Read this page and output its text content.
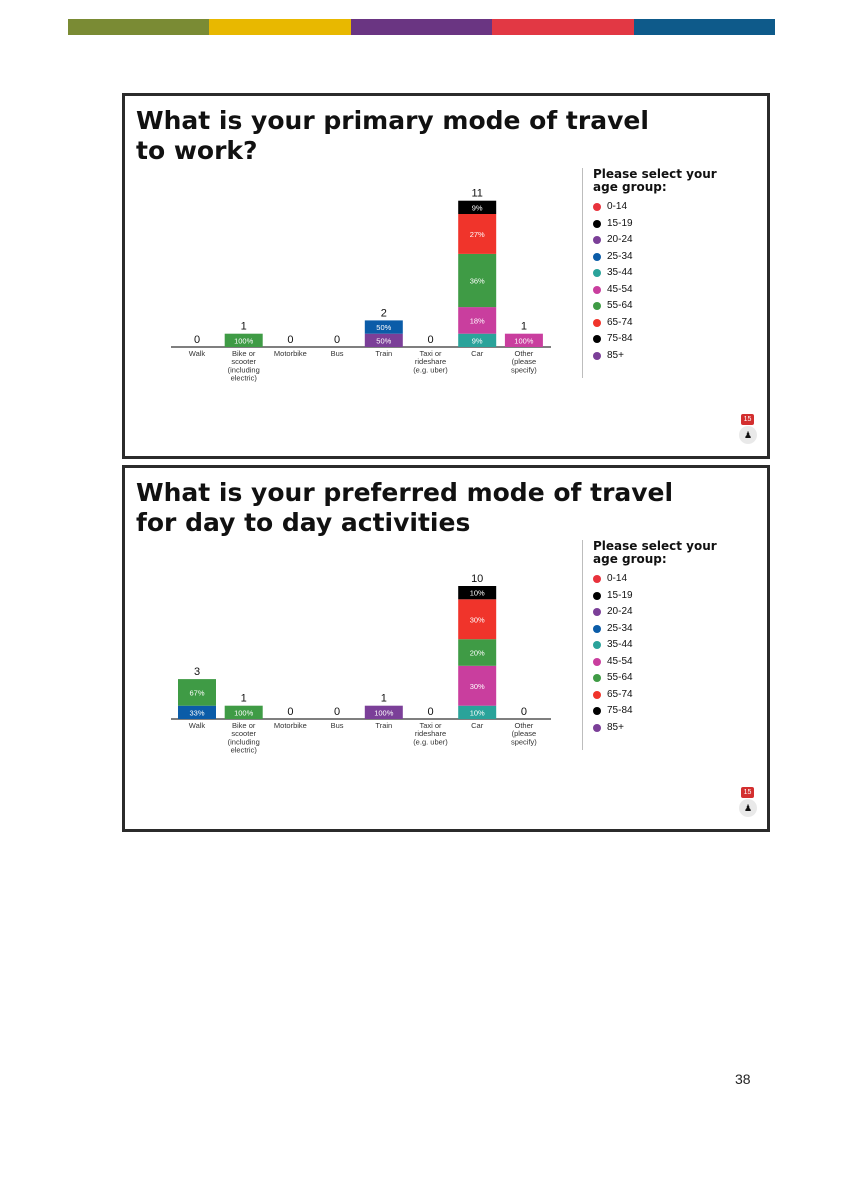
What is your primary mode of travel to work?
0
Walk
100%
1
Bike or
scooter
(including
electric)
0
Motorbike
0
Bus
50%
50%
2
Train
0
Taxi or
rideshare
(e.g. uber)
9%
18%
36%
27%
9%
11
Car
100%
1
Other
(please
specify)
Please select your age group:
0-14
15-19
20-24
25-34
35-44
45-54
55-64
65-74
75-84
85+
♟
15
What is your preferred mode of travel for day to day activities
33%
67%
3
Walk
100%
1
Bike or
scooter
(including
electric)
0
Motorbike
0
Bus
100%
1
Train
0
Taxi or
rideshare
(e.g. uber)
10%
30%
20%
30%
10%
10
Car
0
Other
(please
specify)
Please select your age group:
0-14
15-19
20-24
25-34
35-44
45-54
55-64
65-74
75-84
85+
♟
15
38
